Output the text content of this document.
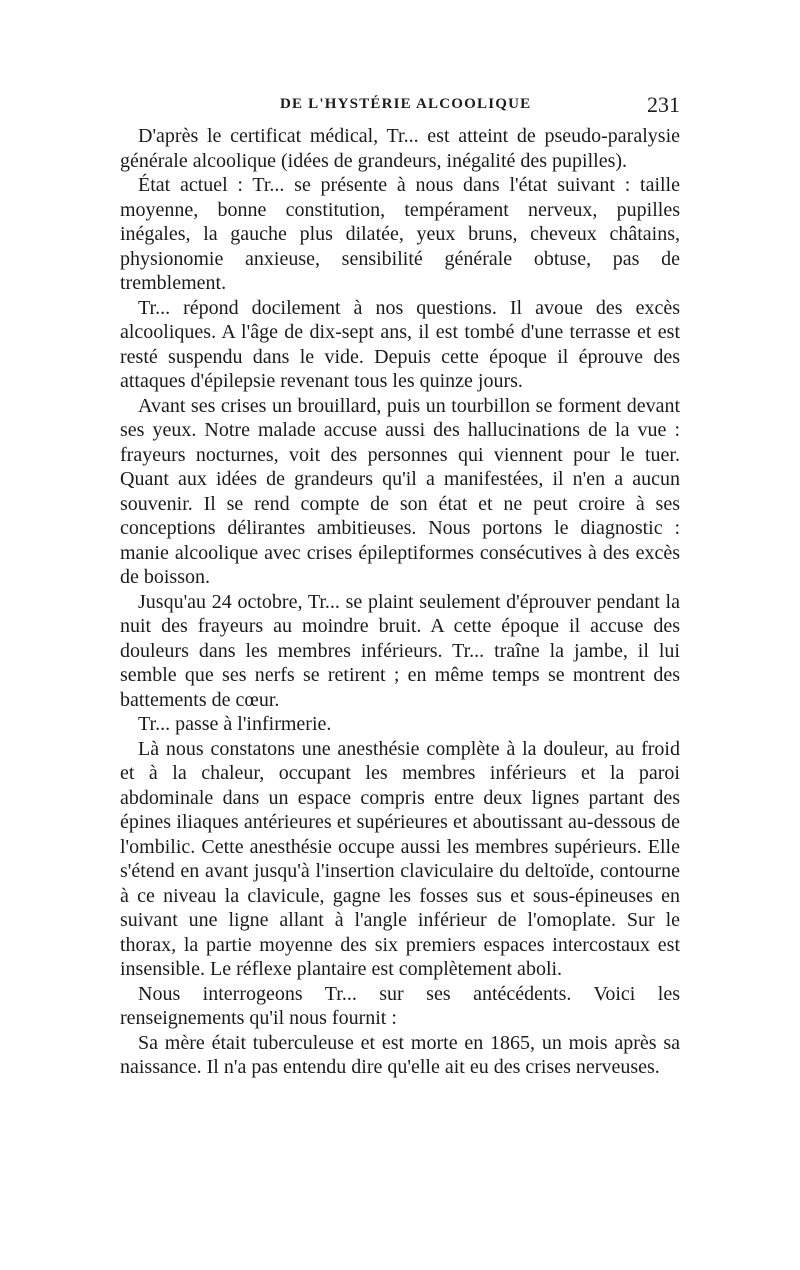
DE L'HYSTÉRIE ALCOOLIQUE	231

D'après le certificat médical, Tr... est atteint de pseudo-paralysie générale alcoolique (idées de grandeurs, inégalité des pupilles).

État actuel : Tr... se présente à nous dans l'état suivant : taille moyenne, bonne constitution, tempérament nerveux, pupilles inégales, la gauche plus dilatée, yeux bruns, cheveux châtains, physionomie anxieuse, sensibilité générale obtuse, pas de tremblement.

Tr... répond docilement à nos questions. Il avoue des excès alcooliques. A l'âge de dix-sept ans, il est tombé d'une terrasse et est resté suspendu dans le vide. Depuis cette époque il éprouve des attaques d'épilepsie revenant tous les quinze jours.

Avant ses crises un brouillard, puis un tourbillon se forment devant ses yeux. Notre malade accuse aussi des hallucinations de la vue : frayeurs nocturnes, voit des personnes qui viennent pour le tuer. Quant aux idées de grandeurs qu'il a manifestées, il n'en a aucun souvenir. Il se rend compte de son état et ne peut croire à ses conceptions délirantes ambitieuses. Nous portons le diagnostic : manie alcoolique avec crises épileptiformes consécutives à des excès de boisson.

Jusqu'au 24 octobre, Tr... se plaint seulement d'éprouver pendant la nuit des frayeurs au moindre bruit. A cette époque il accuse des douleurs dans les membres inférieurs. Tr... traîne la jambe, il lui semble que ses nerfs se retirent ; en même temps se montrent des battements de cœur.

Tr... passe à l'infirmerie.

Là nous constatons une anesthésie complète à la douleur, au froid et à la chaleur, occupant les membres inférieurs et la paroi abdominale dans un espace compris entre deux lignes partant des épines iliaques antérieures et supérieures et aboutissant au-dessous de l'ombilic. Cette anesthésie occupe aussi les membres supérieurs. Elle s'étend en avant jusqu'à l'insertion claviculaire du deltoïde, contourne à ce niveau la clavicule, gagne les fosses sus et sous-épineuses en suivant une ligne allant à l'angle inférieur de l'omoplate. Sur le thorax, la partie moyenne des six premiers espaces intercostaux est insensible. Le réflexe plantaire est complètement aboli.

Nous interrogeons Tr... sur ses antécédents. Voici les renseignements qu'il nous fournit :

Sa mère était tuberculeuse et est morte en 1865, un mois après sa naissance. Il n'a pas entendu dire qu'elle ait eu des crises nerveuses.
